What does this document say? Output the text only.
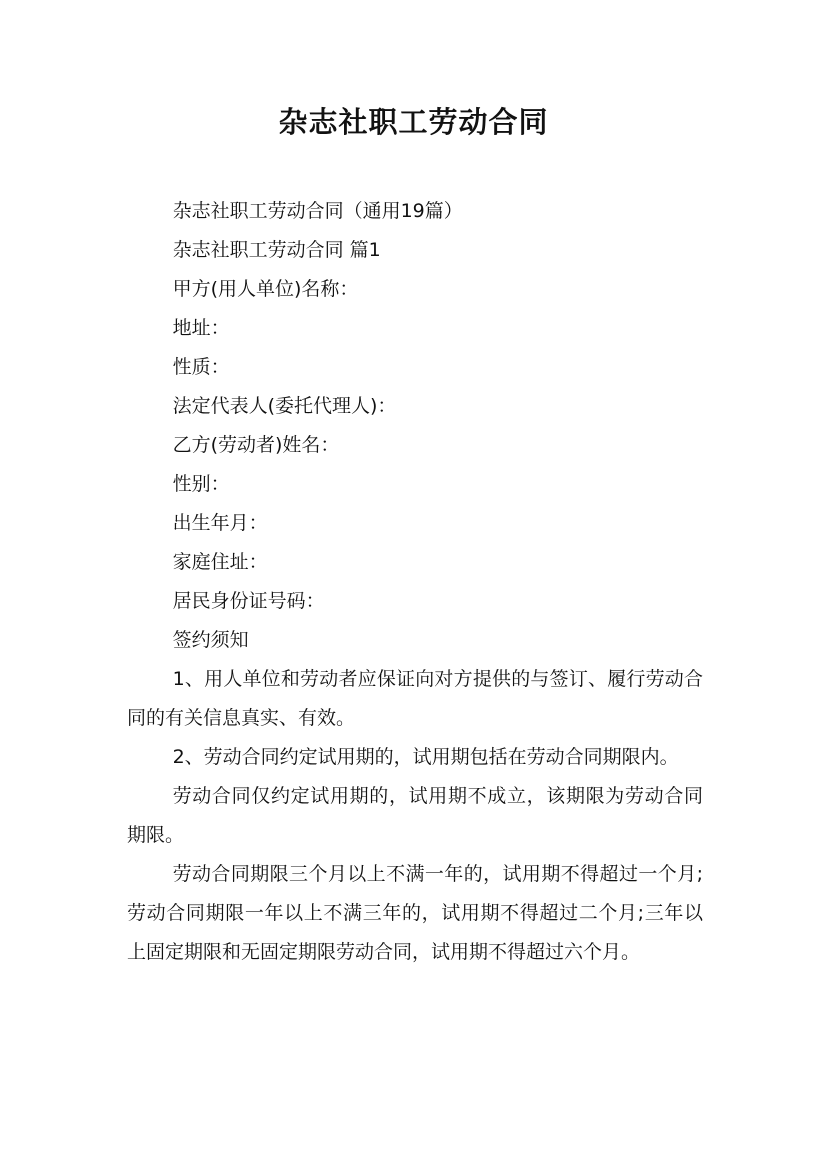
杂志社职工劳动合同

杂志社职工劳动合同（通用19篇）

杂志社职工劳动合同 篇1

甲方(用人单位)名称：

地址：

性质：

法定代表人(委托代理人)：

乙方(劳动者)姓名：

性别：

出生年月：

家庭住址：

居民身份证号码：

签约须知

1、用人单位和劳动者应保证向对方提供的与签订、履行劳动合同的有关信息真实、有效。

2、劳动合同约定试用期的，试用期包括在劳动合同期限内。

劳动合同仅约定试用期的，试用期不成立，该期限为劳动合同期限。

劳动合同期限三个月以上不满一年的，试用期不得超过一个月;劳动合同期限一年以上不满三年的，试用期不得超过二个月;三年以上固定期限和无固定期限劳动合同，试用期不得超过六个月。
